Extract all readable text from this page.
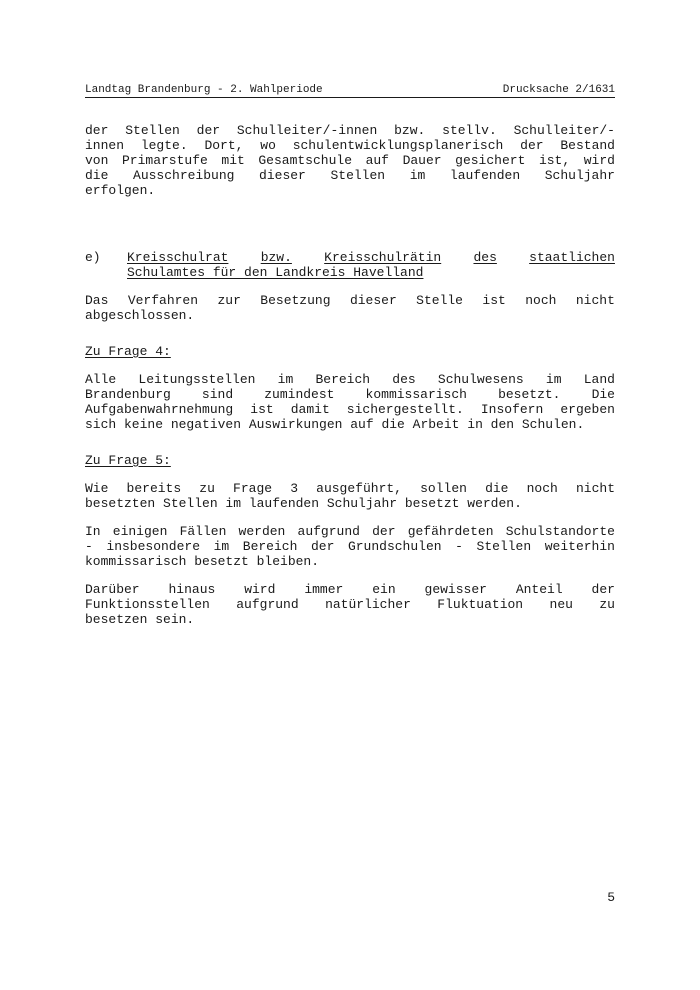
Landtag Brandenburg - 2. Wahlperiode	Drucksache 2/1631
der Stellen der Schulleiter/-innen bzw. stellv. Schulleiter/-
innen legte. Dort, wo schulentwicklungsplanerisch der Bestand
von Primarstufe mit Gesamtschule auf Dauer gesichert ist, wird
die Ausschreibung dieser Stellen im laufenden Schuljahr
erfolgen.
e)	Kreisschulrat bzw. Kreisschulrätin des staatlichen
Schulamtes für den Landkreis Havelland
Das Verfahren zur Besetzung dieser Stelle ist noch nicht
abgeschlossen.

Zu Frage 4:

Alle Leitungsstellen im Bereich des Schulwesens im Land
Brandenburg sind zumindest kommissarisch besetzt. Die
Aufgabenwahrnehmung ist damit sichergestellt. Insofern ergeben
sich keine negativen Auswirkungen auf die Arbeit in den Schulen.

Zu Frage 5:

Wie bereits zu Frage 3 ausgeführt, sollen die noch nicht
besetzten Stellen im laufenden Schuljahr besetzt werden.
In einigen Fällen werden aufgrund der gefährdeten Schulstandorte
- insbesondere im Bereich der Grundschulen - Stellen weiterhin
kommissarisch besetzt bleiben.
Darüber hinaus wird immer ein gewisser Anteil der
Funktionsstellen aufgrund natürlicher Fluktuation neu zu
besetzen sein.
5
